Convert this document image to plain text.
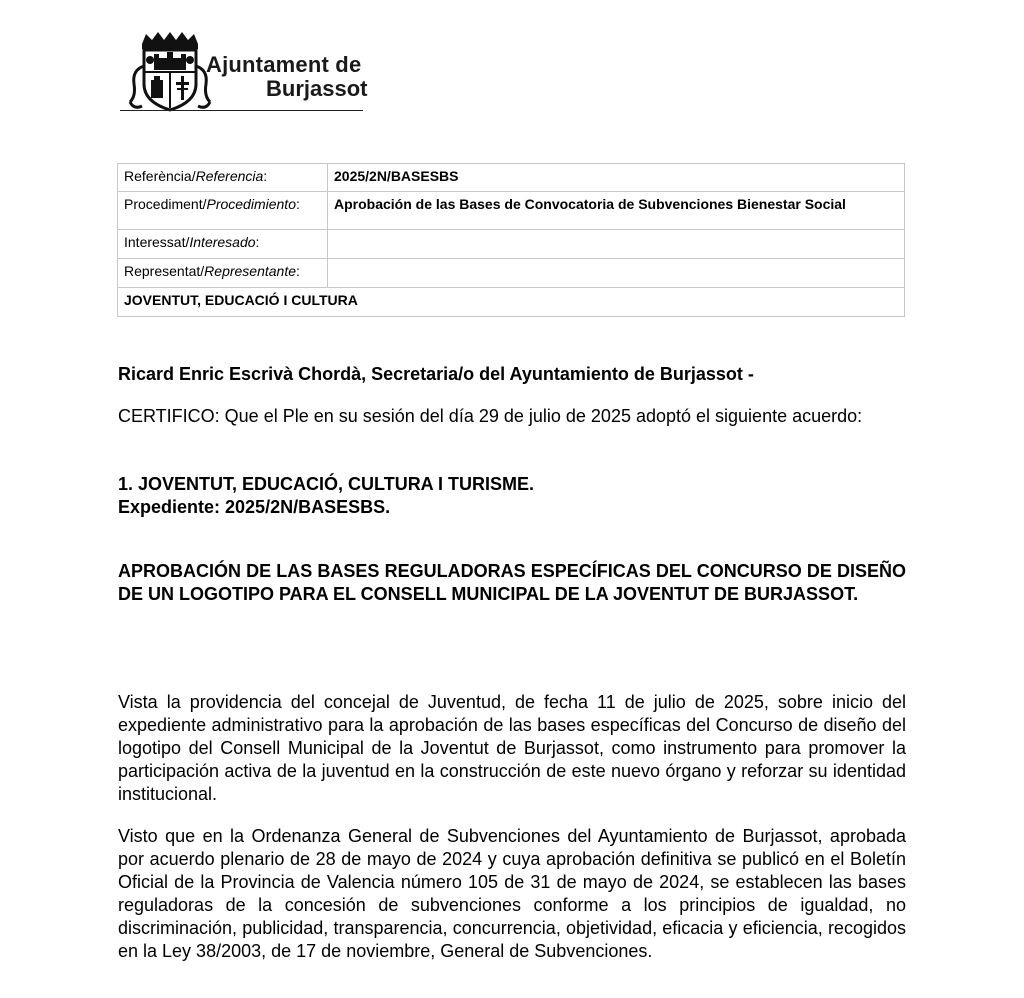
Ajuntament de
Burjassot
Referència/Referencia:	2025/2N/BASESBS
Procediment/Procedimiento:	Aprobación de las Bases de Convocatoria de Subvenciones Bienestar Social
Interessat/Interesado:	
Representat/Representante:	
JOVENTUT, EDUCACIÓ I CULTURA	
Ricard Enric Escrivà Chordà, Secretaria/o del Ayuntamiento de Burjassot -
CERTIFICO: Que el Ple en su sesión del día 29 de julio de 2025 adoptó el siguiente acuerdo:
1. JOVENTUT, EDUCACIÓ, CULTURA I TURISME.
Expediente: 2025/2N/BASESBS.
APROBACIÓN DE LAS BASES REGULADORAS ESPECÍFICAS DEL CONCURSO DE DISEÑO DE UN LOGOTIPO PARA EL CONSELL MUNICIPAL DE LA JOVENTUT DE BURJASSOT.
Vista la providencia del concejal de Juventud, de fecha 11 de julio de 2025, sobre inicio del expediente administrativo para la aprobación de las bases específicas del Concurso de diseño del logotipo del Consell Municipal de la Joventut de Burjassot, como instrumento para promover la participación activa de la juventud en la construcción de este nuevo órgano y reforzar su identidad institucional.
Visto que en la Ordenanza General de Subvenciones del Ayuntamiento de Burjassot, aprobada por acuerdo plenario de 28 de mayo de 2024 y cuya aprobación definitiva se publicó en el Boletín Oficial de la Provincia de Valencia número 105 de 31 de mayo de 2024, se establecen las bases reguladoras de la concesión de subvenciones conforme a los principios de igualdad, no discriminación, publicidad, transparencia, concurrencia, objetividad, eficacia y eficiencia, recogidos en la Ley 38/2003, de 17 de noviembre, General de Subvenciones.
